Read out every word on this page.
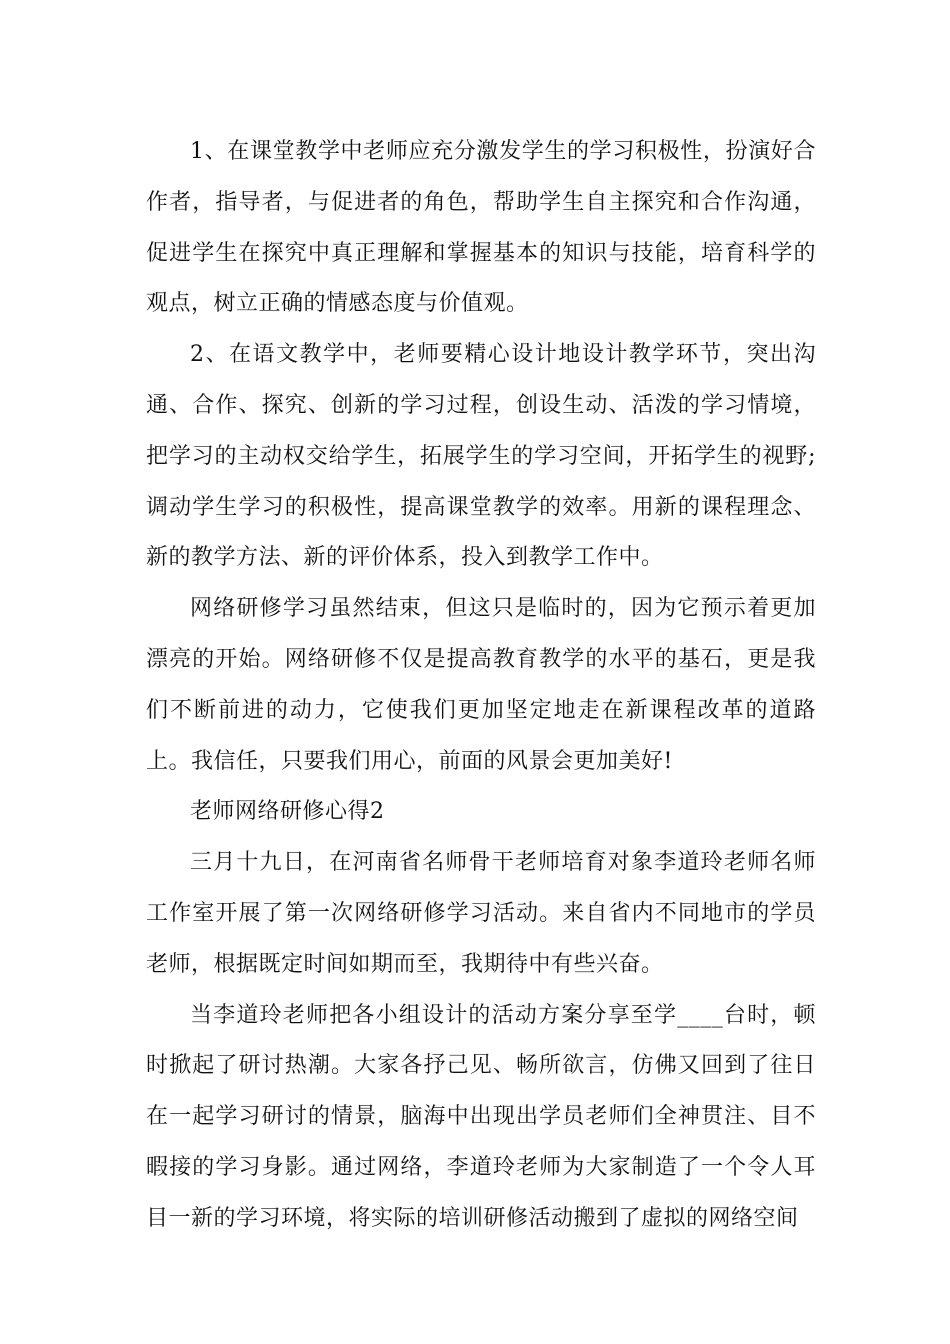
1、在课堂教学中老师应充分激发学生的学习积极性，扮演好合作者，指导者，与促进者的角色，帮助学生自主探究和合作沟通，促进学生在探究中真正理解和掌握基本的知识与技能，培育科学的观点，树立正确的情感态度与价值观。

2、在语文教学中，老师要精心设计地设计教学环节，突出沟通、合作、探究、创新的学习过程，创设生动、活泼的学习情境，把学习的主动权交给学生，拓展学生的学习空间，开拓学生的视野;调动学生学习的积极性，提高课堂教学的效率。用新的课程理念、新的教学方法、新的评价体系，投入到教学工作中。

网络研修学习虽然结束，但这只是临时的，因为它预示着更加漂亮的开始。网络研修不仅是提高教育教学的水平的基石，更是我们不断前进的动力，它使我们更加坚定地走在新课程改革的道路上。我信任，只要我们用心，前面的风景会更加美好!

老师网络研修心得2

三月十九日，在河南省名师骨干老师培育对象李道玲老师名师工作室开展了第一次网络研修学习活动。来自省内不同地市的学员老师，根据既定时间如期而至，我期待中有些兴奋。

当李道玲老师把各小组设计的活动方案分享至学____台时，顿时掀起了研讨热潮。大家各抒己见、畅所欲言，仿佛又回到了往日在一起学习研讨的情景，脑海中出现出学员老师们全神贯注、目不暇接的学习身影。通过网络，李道玲老师为大家制造了一个令人耳目一新的学习环境，将实际的培训研修活动搬到了虚拟的网络空间
